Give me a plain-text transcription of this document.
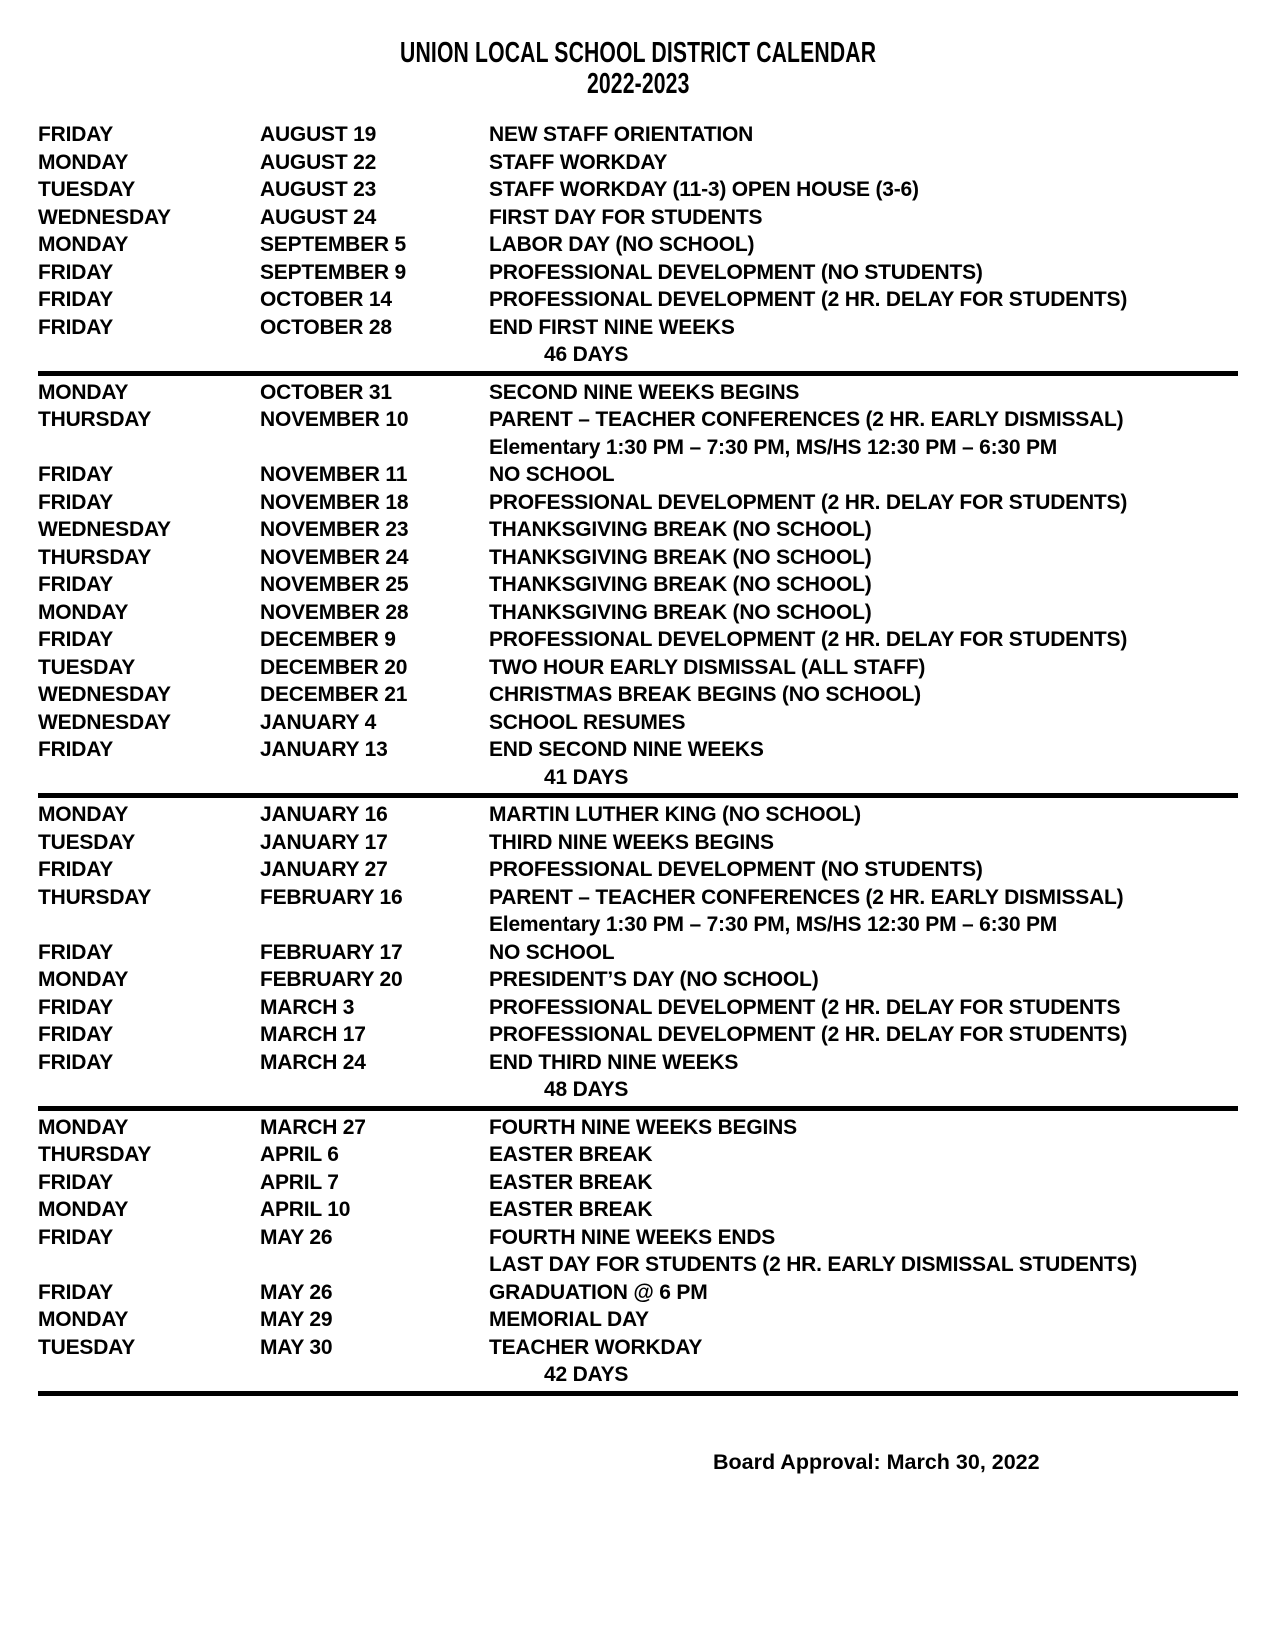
UNION LOCAL SCHOOL DISTRICT CALENDAR
2022-2023
FRIDAY	AUGUST 19	NEW STAFF ORIENTATION
MONDAY	AUGUST 22	STAFF WORKDAY
TUESDAY	AUGUST 23	STAFF WORKDAY (11-3) OPEN HOUSE (3-6)
WEDNESDAY	AUGUST 24	FIRST DAY FOR STUDENTS
MONDAY	SEPTEMBER 5	LABOR DAY (NO SCHOOL)
FRIDAY	SEPTEMBER 9	PROFESSIONAL DEVELOPMENT (NO STUDENTS)
FRIDAY	OCTOBER 14	PROFESSIONAL DEVELOPMENT (2 HR. DELAY FOR STUDENTS)
FRIDAY	OCTOBER 28	END FIRST NINE WEEKS
46 DAYS
MONDAY	OCTOBER 31	SECOND NINE WEEKS BEGINS
THURSDAY	NOVEMBER 10	PARENT – TEACHER CONFERENCES (2 HR. EARLY DISMISSAL)
Elementary 1:30 PM – 7:30 PM, MS/HS 12:30 PM – 6:30 PM
FRIDAY	NOVEMBER 11	NO SCHOOL
FRIDAY	NOVEMBER 18	PROFESSIONAL DEVELOPMENT (2 HR. DELAY FOR STUDENTS)
WEDNESDAY	NOVEMBER 23	THANKSGIVING BREAK (NO SCHOOL)
THURSDAY	NOVEMBER 24	THANKSGIVING BREAK (NO SCHOOL)
FRIDAY	NOVEMBER 25	THANKSGIVING BREAK (NO SCHOOL)
MONDAY	NOVEMBER 28	THANKSGIVING BREAK (NO SCHOOL)
FRIDAY	DECEMBER 9	PROFESSIONAL DEVELOPMENT (2 HR. DELAY FOR STUDENTS)
TUESDAY	DECEMBER 20	TWO HOUR EARLY DISMISSAL (ALL STAFF)
WEDNESDAY	DECEMBER 21	CHRISTMAS BREAK BEGINS (NO SCHOOL)
WEDNESDAY	JANUARY 4	SCHOOL RESUMES
FRIDAY	JANUARY 13	END SECOND NINE WEEKS
41 DAYS
MONDAY	JANUARY 16	MARTIN LUTHER KING (NO SCHOOL)
TUESDAY	JANUARY 17	THIRD NINE WEEKS BEGINS
FRIDAY	JANUARY 27	PROFESSIONAL DEVELOPMENT (NO STUDENTS)
THURSDAY	FEBRUARY 16	PARENT – TEACHER CONFERENCES (2 HR. EARLY DISMISSAL)
Elementary 1:30 PM – 7:30 PM, MS/HS 12:30 PM – 6:30 PM
FRIDAY	FEBRUARY 17	NO SCHOOL
MONDAY	FEBRUARY 20	PRESIDENT’S DAY (NO SCHOOL)
FRIDAY	MARCH 3	PROFESSIONAL DEVELOPMENT (2 HR. DELAY FOR STUDENTS
FRIDAY	MARCH 17	PROFESSIONAL DEVELOPMENT (2 HR. DELAY FOR STUDENTS)
FRIDAY	MARCH 24	END THIRD NINE WEEKS
48 DAYS
MONDAY	MARCH 27	FOURTH NINE WEEKS BEGINS
THURSDAY	APRIL 6	EASTER BREAK
FRIDAY	APRIL 7	EASTER BREAK
MONDAY	APRIL 10	EASTER BREAK
FRIDAY	MAY 26	FOURTH NINE WEEKS ENDS
LAST DAY FOR STUDENTS (2 HR. EARLY DISMISSAL STUDENTS)
FRIDAY	MAY 26	GRADUATION @ 6 PM
MONDAY	MAY 29	MEMORIAL DAY
TUESDAY	MAY 30	TEACHER WORKDAY
42 DAYS
Board Approval: March 30, 2022
